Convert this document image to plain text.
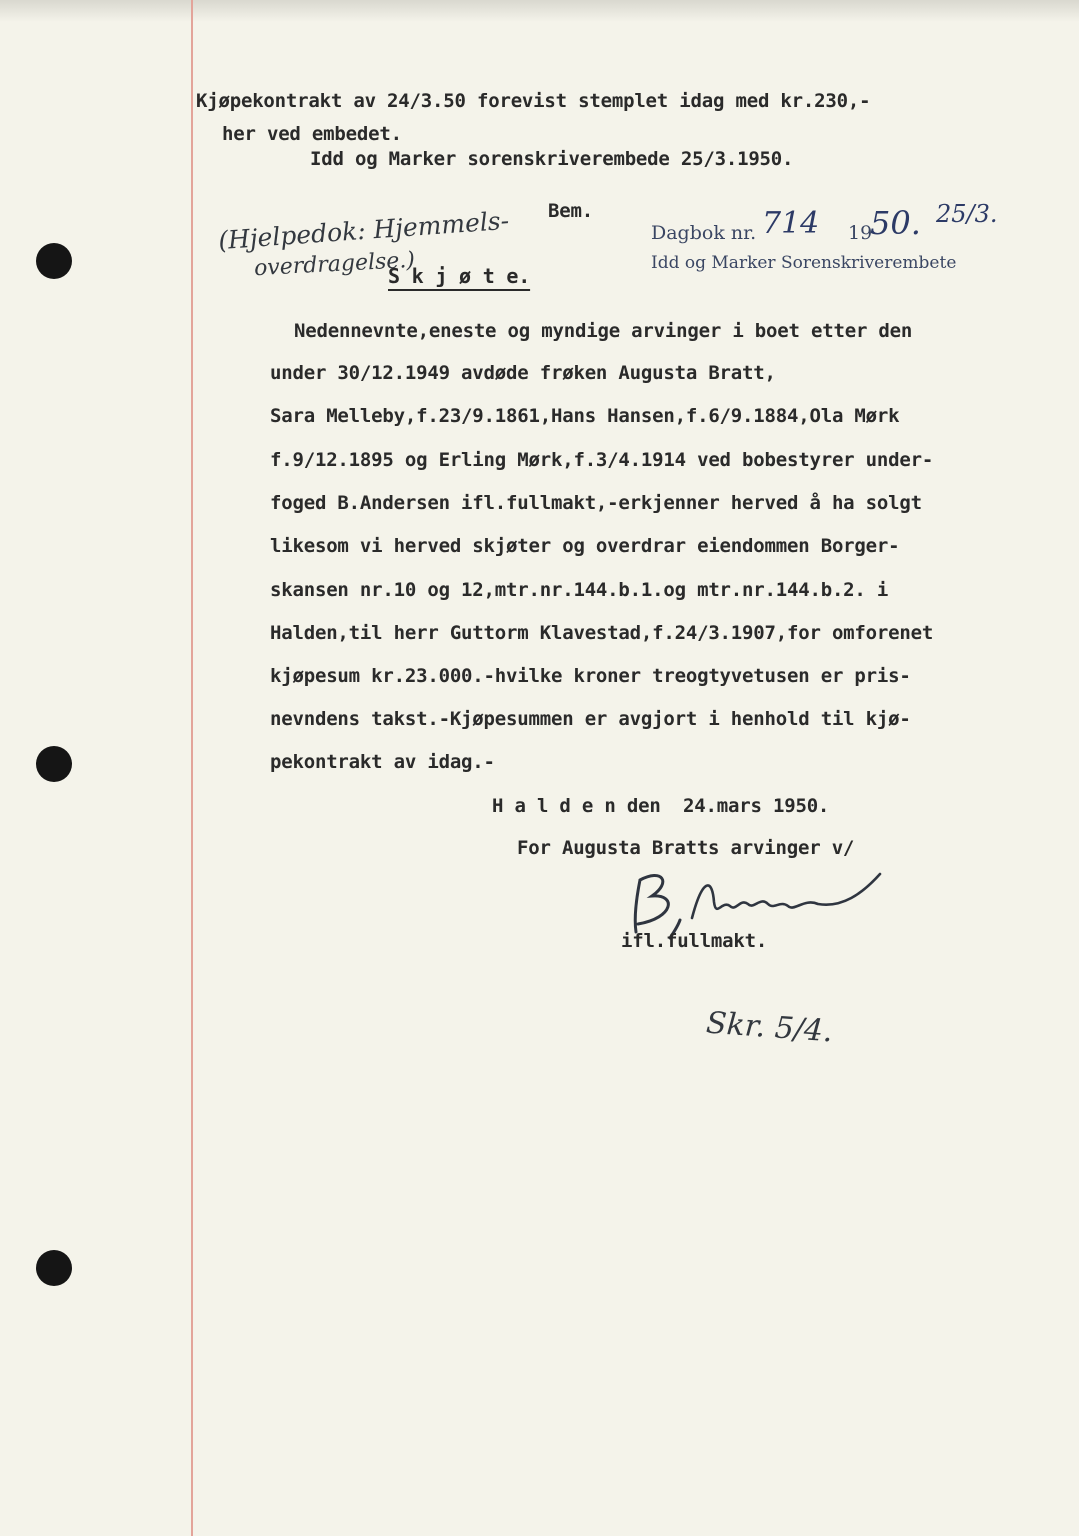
Kjøpekontrakt av 24/3.50 forevist stemplet idag med kr.230,-

her ved embedet.

Idd og Marker sorenskriverembede 25/3.1950.

(Hjelpedok: Hjemmels-

overdragelse.)

Bem.

Dagbok nr. 714 19

50. 25/3.

Idd og Marker Sorenskriverembete

S k j ø t e.

Nedennevnte,eneste og myndige arvinger i boet etter den

under 30/12.1949 avdøde frøken Augusta Bratt,

Sara Melleby,f.23/9.1861,Hans Hansen,f.6/9.1884,Ola Mørk

f.9/12.1895 og Erling Mørk,f.3/4.1914 ved bobestyrer under-

foged B.Andersen ifl.fullmakt,-erkjenner herved å ha solgt

likesom vi herved skjøter og overdrar eiendommen Borger-

skansen nr.10 og 12,mtr.nr.144.b.1.og mtr.nr.144.b.2. i

Halden,til herr Guttorm Klavestad,f.24/3.1907,for omforenet

kjøpesum kr.23.000.-hvilke kroner treogtyvetusen er pris-

nevndens takst.-Kjøpesummen er avgjort i henhold til kjø-

pekontrakt av idag.-

H a l d e n den  24.mars 1950.

For Augusta Bratts arvinger v/

ifl.fullmakt.

Skr. 5/4.
